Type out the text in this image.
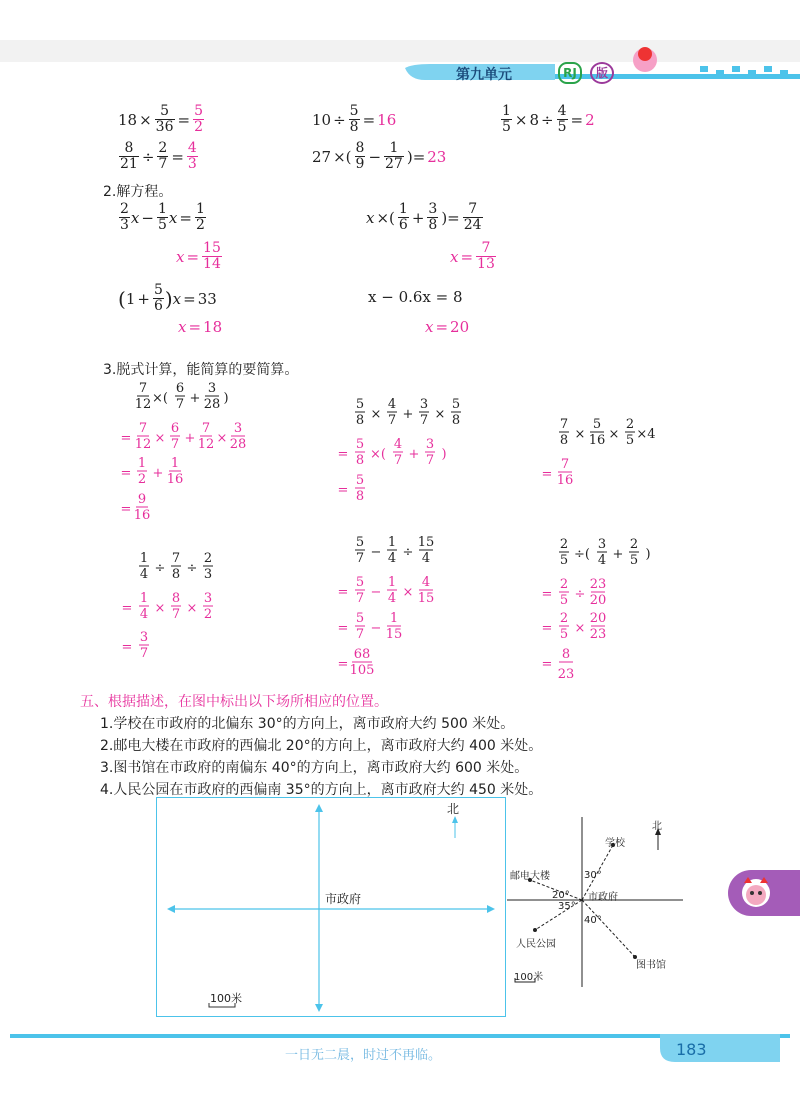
第九单元	RJ	版
$18 \times \frac{5}{36} = \frac{5}{2}$	$10 \div \frac{5}{8} = 16$	$\frac{1}{5} \times 8 \div \frac{4}{5} = 2$
$\frac{8}{21} \div \frac{2}{7} = \frac{4}{3}$	27 ×( $\frac{8}{9} - \frac{1}{27}$ )= 23
2.解方程。
$\frac{2}{3}$ $x - \frac{1}{5}$ $x = \frac{1}{2}$
$x = \frac{15}{14}$
x ×( $\frac{1}{6} + \frac{3}{8}$ )= $\frac{7}{24}$
$x = \frac{7}{13}$
( $1 + \frac{5}{6}$ ) x = 33
x = 18
x − 0.6x = 8
x = 20
3.脱式计算，能简算的要简算。
7
12 ×(
6
7 +
3
28 )
=
7
12 ×
6
7 +
7
12 ×
3
28
=
1
2 +
1
16
=
9
16
5
8 ×
4
7 +
3
7 ×
5
8
=
5
8 ×(
4
7 +
3
7 )
=
5
8
7
8 ×
5
16 ×
2
5 ×4
=
7
16
1
4 ÷
7
8 ÷
2
3
=
1
4 ×
8
7 ×
3
2
=
3
7
5
7 −
1
4 ÷
15
4
=
5
7 −
1
4 ×
4
15
=
5
7 −
1
15
=
68
105
2
5 ÷(
3
4 +
2
5 )
=
2
5 ÷
23
20
=
2
5 ×
20
23
=
8
23
五、根据描述，在图中标出以下场所相应的位置。
1.学校在市政府的北偏东 30°的方向上，离市政府大约 500 米处。
2.邮电大楼在市政府的西偏北 20°的方向上，离市政府大约 400 米处。
3.图书馆在市政府的南偏东 40°的方向上，离市政府大约 600 米处。
4.人民公园在市政府的西偏南 35°的方向上，离市政府大约 450 米处。
北
市政府
100米
北
学校
邮电大楼	30°
市政府
20°
35°
40°
人民公园
图书馆
100米
一日无二晨，时过不再临。	183
